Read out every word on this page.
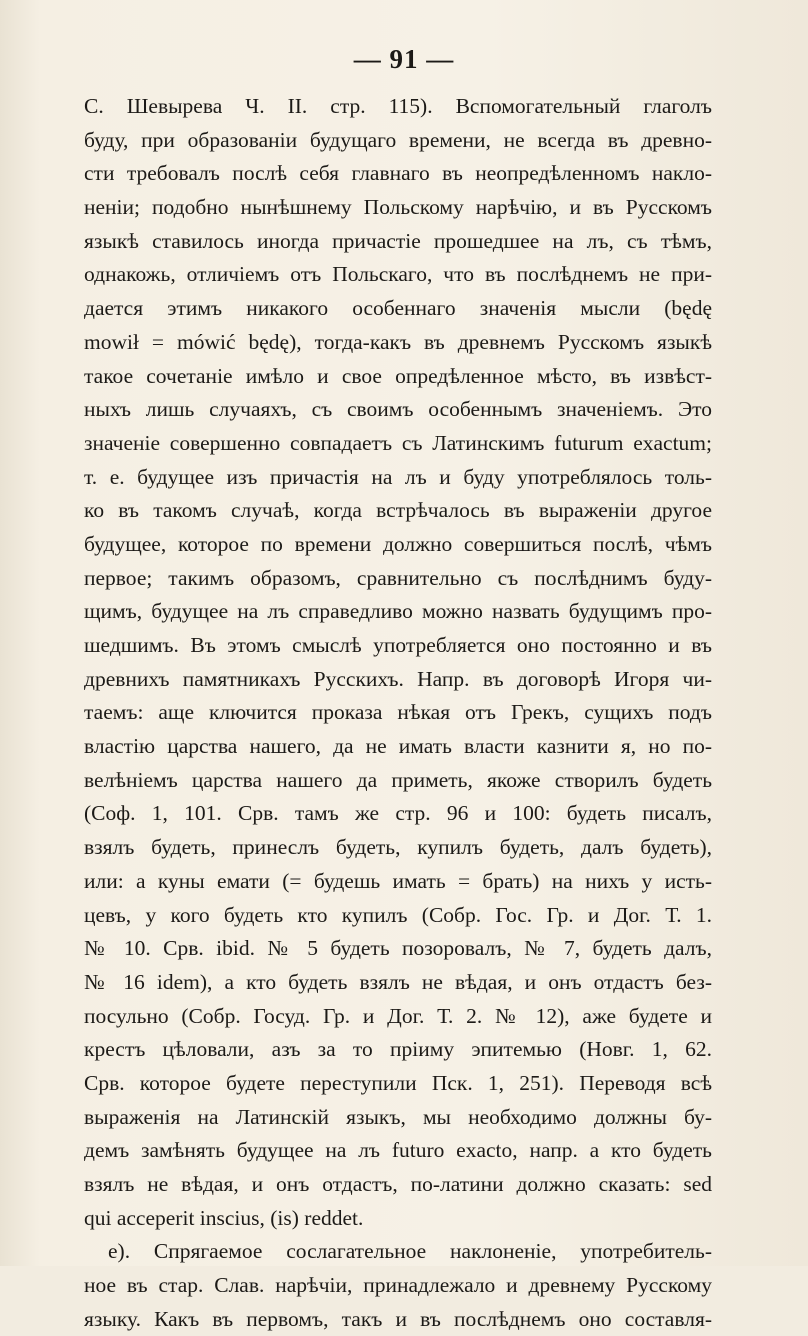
— 91 —
С. Шевырева Ч. II. стр. 115). Вспомогательный глаголъ
буду, при образованіи будущаго времени, не всегда въ древно-
сти требовалъ послѣ себя главнаго въ неопредѣленномъ накло-
неніи; подобно нынѣшнему Польскому нарѣчію, и въ Русскомъ
языкѣ ставилось иногда причастіе прошедшее на лъ, съ тѣмъ,
однакожь, отличіемъ отъ Польскаго, что въ послѣднемъ не при-
дается этимъ никакого особеннаго значенія мысли (będę
mowił = mówić będę), тогда-какъ въ древнемъ Русскомъ языкѣ
такое сочетаніе имѣло и свое опредѣленное мѣсто, въ извѣст-
ныхъ лишь случаяхъ, съ своимъ особеннымъ значеніемъ. Это
значеніе совершенно совпадаетъ съ Латинскимъ futurum exactum;
т. е. будущее изъ причастія на лъ и буду употреблялось толь-
ко въ такомъ случаѣ, когда встрѣчалось въ выраженіи другое
будущее, которое по времени должно совершиться послѣ, чѣмъ
первое; такимъ образомъ, сравнительно съ послѣднимъ буду-
щимъ, будущее на лъ справедливо можно назвать будущимъ про-
шедшимъ. Въ этомъ смыслѣ употребляется оно постоянно и въ
древнихъ памятникахъ Русскихъ. Напр. въ договорѣ Игоря чи-
таемъ: аще ключится проказа нѣкая отъ Грекъ, сущихъ подъ
властію царства нашего, да не имать власти казнити я, но по-
велѣніемъ царства нашего да приметь, якоже створилъ будеть
(Соф. 1, 101. Срв. тамъ же стр. 96 и 100: будеть писалъ,
взялъ будеть, принеслъ будеть, купилъ будеть, далъ будеть),
или: а куны емати (= будешь имать = брать) на нихъ у исть-
цевъ, у кого будеть кто купилъ (Собр. Гос. Гр. и Дог. Т. 1.
№ 10. Срв. ibid. № 5 будеть позоровалъ, № 7, будеть далъ,
№ 16 idem), а кто будеть взялъ не вѣдая, и онъ отдастъ без-
посульно (Собр. Госуд. Гр. и Дог. Т. 2. № 12), аже будете и
крестъ цѣловали, азъ за то прiиму эпитемью (Новг. 1, 62.
Срв. которое будете переступили Пск. 1, 251). Переводя всѣ
выраженія на Латинскій языкъ, мы необходимо должны бу-
демъ замѣнять будущее на лъ futuro exacto, напр. а кто будеть
взялъ не вѣдая, и онъ отдастъ, по-латини должно сказать: sed
qui acceperit inscius, (is) reddet.
е). Спрягаемое сослагательное наклоненіе, употребитель-
ное въ стар. Слав. нарѣчіи, принадлежало и древнему Русскому
языку. Какъ въ первомъ, такъ и въ послѣднемъ оно составля-
